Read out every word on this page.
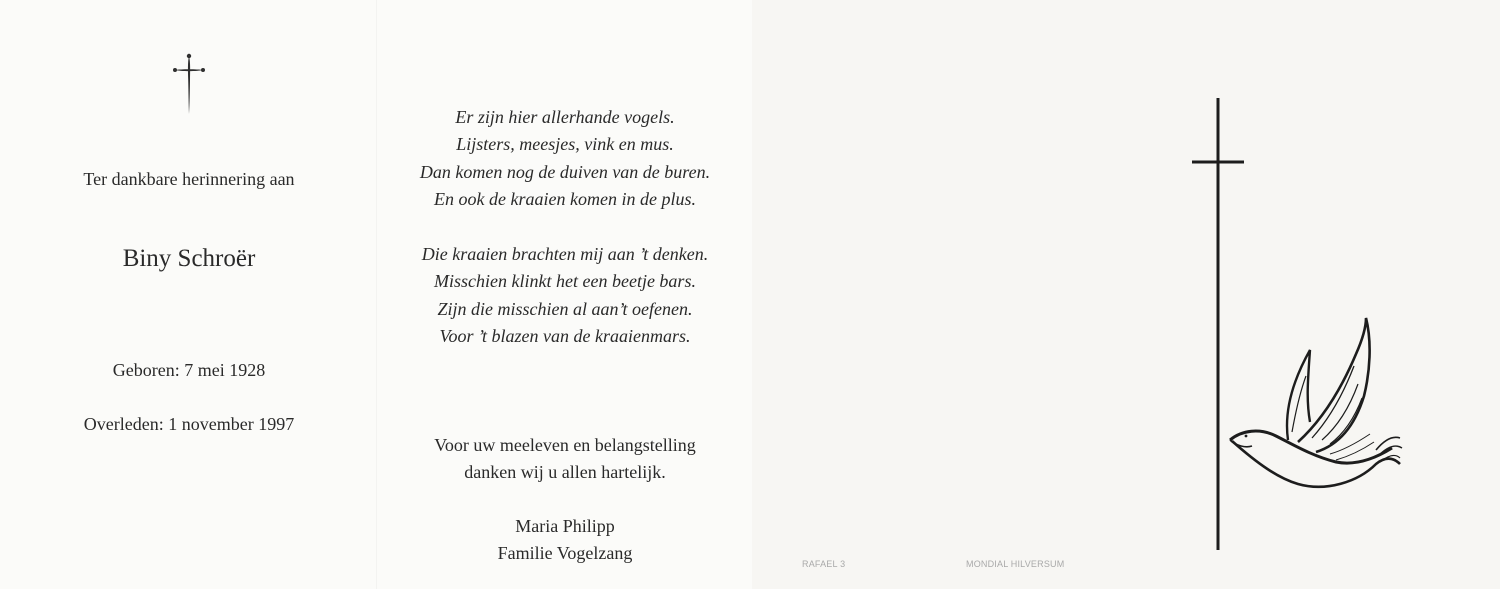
Ter dankbare herinnering aan
Biny Schroër
Geboren: 7 mei 1928
Overleden: 1 november 1997
Er zijn hier allerhande vogels.
Lijsters, meesjes, vink en mus.
Dan komen nog de duiven van de buren.
En ook de kraaien komen in de plus.
Die kraaien brachten mij aan ’t denken.
Misschien klinkt het een beetje bars.
Zijn die misschien al aan’t oefenen.
Voor ’t blazen van de kraaienmars.
Voor uw meeleven en belangstelling
danken wij u allen hartelijk.
Maria Philipp
Familie Vogelzang
RAFAEL 3	MONDIAL HILVERSUM
